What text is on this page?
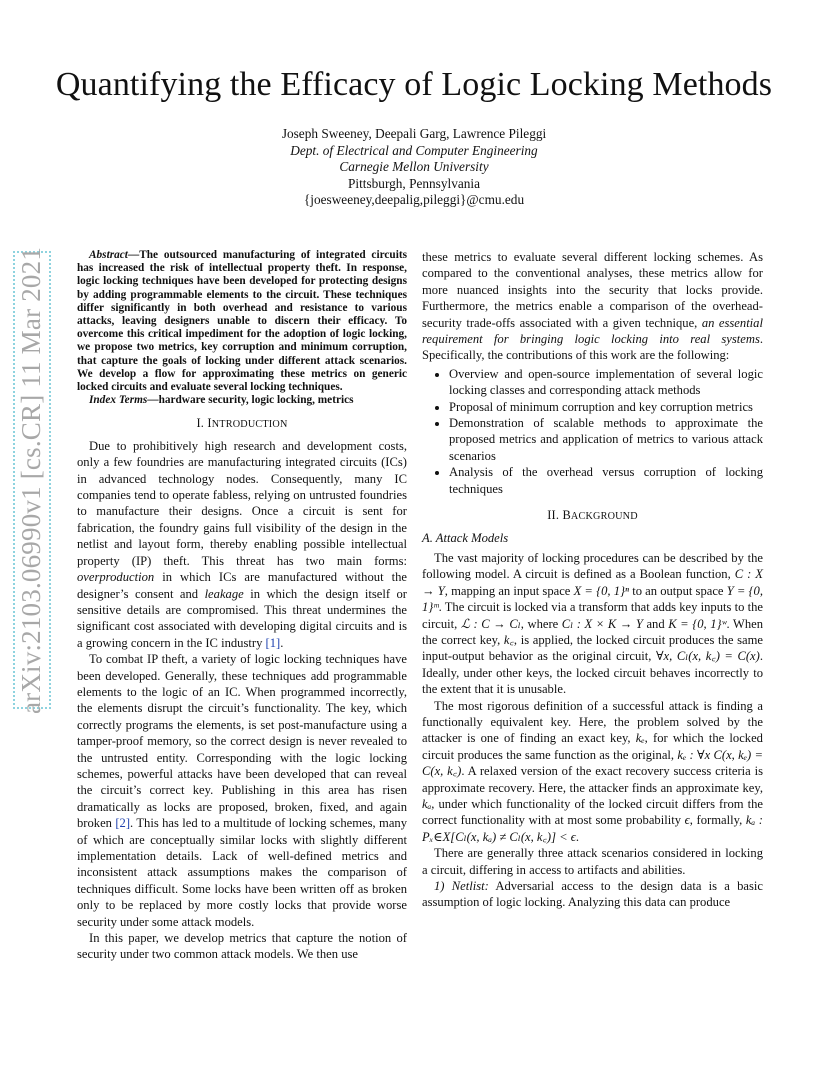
arXiv:2103.06990v1 [cs.CR] 11 Mar 2021
Quantifying the Efficacy of Logic Locking Methods
Joseph Sweeney, Deepali Garg, Lawrence Pileggi
Dept. of Electrical and Computer Engineering
Carnegie Mellon University
Pittsburgh, Pennsylvania
{joesweeney,deepalig,pileggi}@cmu.edu

Abstract—The outsourced manufacturing of integrated circuits has increased the risk of intellectual property theft. In response, logic locking techniques have been developed for protecting designs by adding programmable elements to the circuit. These techniques differ significantly in both overhead and resistance to various attacks, leaving designers unable to discern their efficacy. To overcome this critical impediment for the adoption of logic locking, we propose two metrics, key corruption and minimum corruption, that capture the goals of locking under different attack scenarios. We develop a flow for approximating these metrics on generic locked circuits and evaluate several locking techniques.

Index Terms—hardware security, logic locking, metrics

I. INTRODUCTION

Due to prohibitively high research and development costs, only a few foundries are manufacturing integrated circuits (ICs) in advanced technology nodes. Consequently, many IC companies tend to operate fabless, relying on untrusted foundries to manufacture their designs. Once a circuit is sent for fabrication, the foundry gains full visibility of the design in the netlist and layout form, thereby enabling possible intellectual property (IP) theft. This threat has two main forms: overproduction in which ICs are manufactured without the designer’s consent and leakage in which the design itself or sensitive details are compromised. This threat undermines the significant cost associated with developing digital circuits and is a growing concern in the IC industry [1].

To combat IP theft, a variety of logic locking techniques have been developed. Generally, these techniques add programmable elements to the logic of an IC. When programmed incorrectly, the elements disrupt the circuit’s functionality. The key, which correctly programs the elements, is set post-manufacture using a tamper-proof memory, so the correct design is never revealed to the untrusted entity. Corresponding with the logic locking schemes, powerful attacks have been developed that can reveal the circuit’s correct key. Publishing in this area has risen dramatically as locks are proposed, broken, fixed, and again broken [2]. This has led to a multitude of locking schemes, many of which are conceptually similar locks with slightly different implementation details. Lack of well-defined metrics and inconsistent attack assumptions makes the comparison of techniques difficult. Some locks have been written off as broken only to be replaced by more costly locks that provide worse security under some attack models.

In this paper, we develop metrics that capture the notion of security under two common attack models. We then use

these metrics to evaluate several different locking schemes. As compared to the conventional analyses, these metrics allow for more nuanced insights into the security that locks provide. Furthermore, the metrics enable a comparison of the overhead-security trade-offs associated with a given technique, an essential requirement for bringing logic locking into real systems. Specifically, the contributions of this work are the following:

• Overview and open-source implementation of several logic locking classes and corresponding attack methods
• Proposal of minimum corruption and key corruption metrics
• Demonstration of scalable methods to approximate the proposed metrics and application of metrics to various attack scenarios
• Analysis of the overhead versus corruption of locking techniques
II. BACKGROUND
A. Attack Models

The vast majority of locking procedures can be described by the following model. A circuit is defined as a Boolean function, C : X → Y, mapping an input space X = {0, 1}ⁿ to an output space Y = {0, 1}ᵐ. The circuit is locked via a transform that adds key inputs to the circuit, ℒ : C → Cₗ, where Cₗ : X × K → Y and K = {0, 1}ʷ. When the correct key, k꜀, is applied, the locked circuit produces the same input-output behavior as the original circuit, ∀x, Cₗ(x, k꜀) = C(x). Ideally, under other keys, the locked circuit behaves incorrectly to the extent that it is unusable.

The most rigorous definition of a successful attack is finding a functionally equivalent key. Here, the problem solved by the attacker is one of finding an exact key, kₑ, for which the locked circuit produces the same function as the original, kₑ : ∀x C(x, kₑ) = C(x, k꜀). A relaxed version of the exact recovery success criteria is approximate recovery. Here, the attacker finds an approximate key, kₐ, under which functionality of the locked circuit differs from the correct functionality with at most some probability ϵ, formally, kₐ : Pₓ∈X[Cₗ(x, kₐ) ≠ Cₗ(x, k꜀)] < ϵ.

There are generally three attack scenarios considered in locking a circuit, differing in access to artifacts and abilities.

1) Netlist: Adversarial access to the design data is a basic assumption of logic locking. Analyzing this data can produce
